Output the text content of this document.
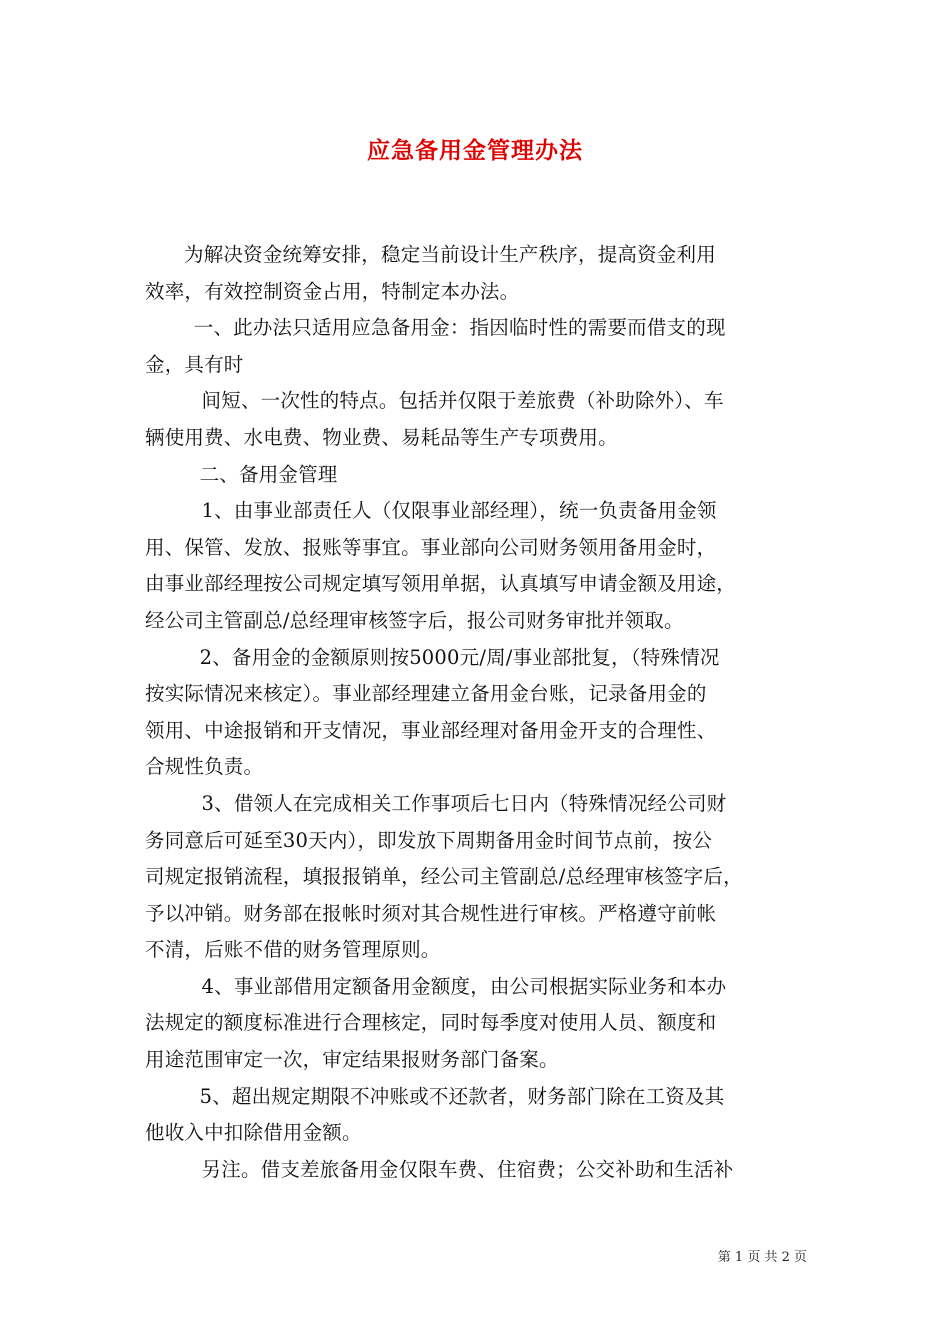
应急备用金管理办法
为解决资金统筹安排，稳定当前设计生产秩序，提高资金利用
效率，有效控制资金占用，特制定本办法。
一、此办法只适用应急备用金：指因临时性的需要而借支的现
金，具有时
间短、一次性的特点。包括并仅限于差旅费（补助除外）、车
辆使用费、水电费、物业费、易耗品等生产专项费用。
二、备用金管理
1、由事业部责任人（仅限事业部经理），统一负责备用金领
用、保管、发放、报账等事宜。事业部向公司财务领用备用金时，
由事业部经理按公司规定填写领用单据，认真填写申请金额及用途，
经公司主管副总/总经理审核签字后，报公司财务审批并领取。
2、备用金的金额原则按5000元/周/事业部批复，（特殊情况
按实际情况来核定）。事业部经理建立备用金台账，记录备用金的
领用、中途报销和开支情况，事业部经理对备用金开支的合理性、
合规性负责。
3、借领人在完成相关工作事项后七日内（特殊情况经公司财
务同意后可延至30天内），即发放下周期备用金时间节点前，按公
司规定报销流程，填报报销单，经公司主管副总/总经理审核签字后，
予以冲销。财务部在报帐时须对其合规性进行审核。严格遵守前帐
不清，后账不借的财务管理原则。
4、事业部借用定额备用金额度，由公司根据实际业务和本办
法规定的额度标准进行合理核定，同时每季度对使用人员、额度和
用途范围审定一次，审定结果报财务部门备案。
5、超出规定期限不冲账或不还款者，财务部门除在工资及其
他收入中扣除借用金额。
另注。借支差旅备用金仅限车费、住宿费；公交补助和生活补
第 1 页 共 2 页
